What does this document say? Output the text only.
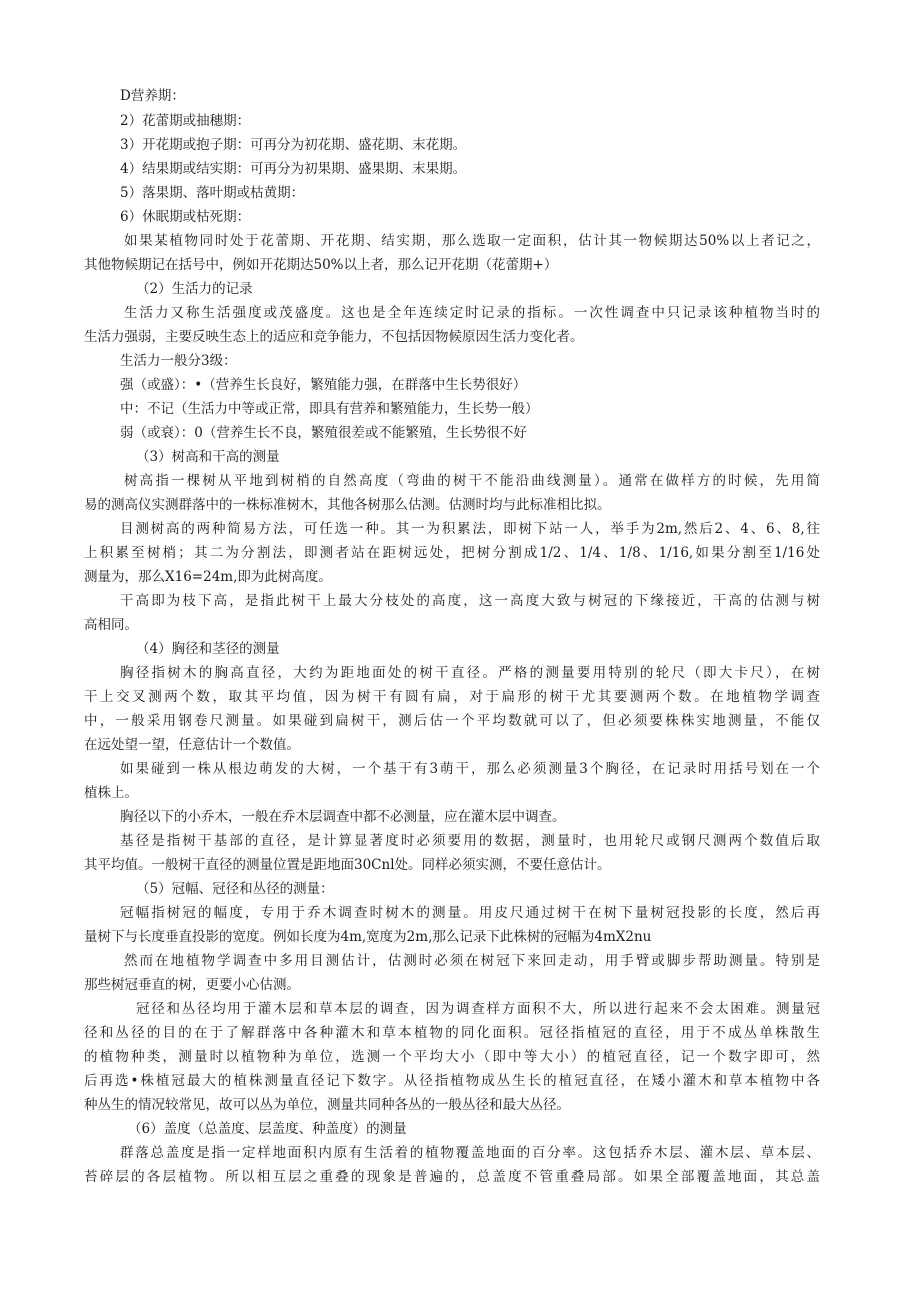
D营养期：
2）花蕾期或抽穗期：
3）开花期或抱子期：可再分为初花期、盛花期、末花期。
4）结果期或结实期：可再分为初果期、盛果期、末果期。
5）落果期、落叶期或枯黄期：
6）休眠期或枯死期：
如果某植物同时处于花蕾期、开花期、结实期，那么选取一定面积，估计其一物候期达50%以上者记之，
其他物候期记在括号中，例如开花期达50%以上者，那么记开花期（花蕾期+）
（2）生活力的记录
生活力又称生活强度或茂盛度。这也是全年连续定时记录的指标。一次性调查中只记录该种植物当时的
生活力强弱，主要反映生态上的适应和竞争能力，不包括因物候原因生活力变化者。
生活力一般分3级：
强（或盛）：•（营养生长良好，繁殖能力强，在群落中生长势很好）
中：不记（生活力中等或正常，即具有营养和繁殖能力，生长势一般）
弱（或衰）：0（营养生长不良，繁殖很差或不能繁殖，生长势很不好
（3）树高和干高的测量
树高指一棵树从平地到树梢的自然高度（弯曲的树干不能沿曲线测量）。通常在做样方的时候，先用简
易的测高仪实测群落中的一株标准树木，其他各树那么估测。估测时均与此标准相比拟。
目测树高的两种简易方法，可任选一种。其一为积累法，即树下站一人，举手为2m,然后2、4、6、8,往
上积累至树梢；其二为分割法，即测者站在距树远处，把树分割成1/2、1/4、1/8、1/16,如果分割至1/16处
测量为，那么X16=24m,即为此树高度。
干高即为枝下高，是指此树干上最大分枝处的高度，这一高度大致与树冠的下缘接近，干高的估测与树
高相同。
（4）胸径和茎径的测量
胸径指树木的胸高直径，大约为距地面处的树干直径。严格的测量要用特别的轮尺（即大卡尺），在树
干上交叉测两个数，取其平均值，因为树干有圆有扁，对于扁形的树干尤其要测两个数。在地植物学调查
中，一般采用钢卷尺测量。如果碰到扁树干，测后估一个平均数就可以了，但必须要株株实地测量，不能仅
在远处望一望，任意估计一个数值。
如果碰到一株从根边萌发的大树，一个基干有3萌干，那么必须测量3个胸径，在记录时用括号划在一个
植株上。
胸径以下的小乔木，一般在乔木层调查中都不必测量，应在灌木层中调查。
基径是指树干基部的直径，是计算显著度时必须要用的数据，测量时，也用轮尺或钢尺测两个数值后取
其平均值。一般树干直径的测量位置是距地面30Cnl处。同样必须实测，不要任意估计。
（5）冠幅、冠径和丛径的测量：
冠幅指树冠的幅度，专用于乔木调查时树木的测量。用皮尺通过树干在树下量树冠投影的长度，然后再
量树下与长度垂直投影的宽度。例如长度为4m,宽度为2m,那么记录下此株树的冠幅为4mX2nu
然而在地植物学调查中多用目测估计，估测时必须在树冠下来回走动，用手臂或脚步帮助测量。特别是
那些树冠垂直的树，更要小心估测。
冠径和丛径均用于灌木层和草本层的调查，因为调查样方面积不大，所以进行起来不会太困难。测量冠
径和丛径的目的在于了解群落中各种灌木和草本植物的同化面积。冠径指植冠的直径，用于不成丛单株散生
的植物种类，测量时以植物种为单位，选测一个平均大小（即中等大小）的植冠直径，记一个数字即可，然
后再选•株植冠最大的植株测量直径记下数字。从径指植物成丛生长的植冠直径，在矮小灌木和草本植物中各
种丛生的情况较常见，故可以丛为单位，测量共同种各丛的一般丛径和最大丛径。
（6）盖度（总盖度、层盖度、种盖度）的测量
群落总盖度是指一定样地面积内原有生活着的植物覆盖地面的百分率。这包括乔木层、灌木层、草本层、
苔碎层的各层植物。所以相互层之重叠的现象是普遍的，总盖度不管重叠局部。如果全部覆盖地面，其总盖
